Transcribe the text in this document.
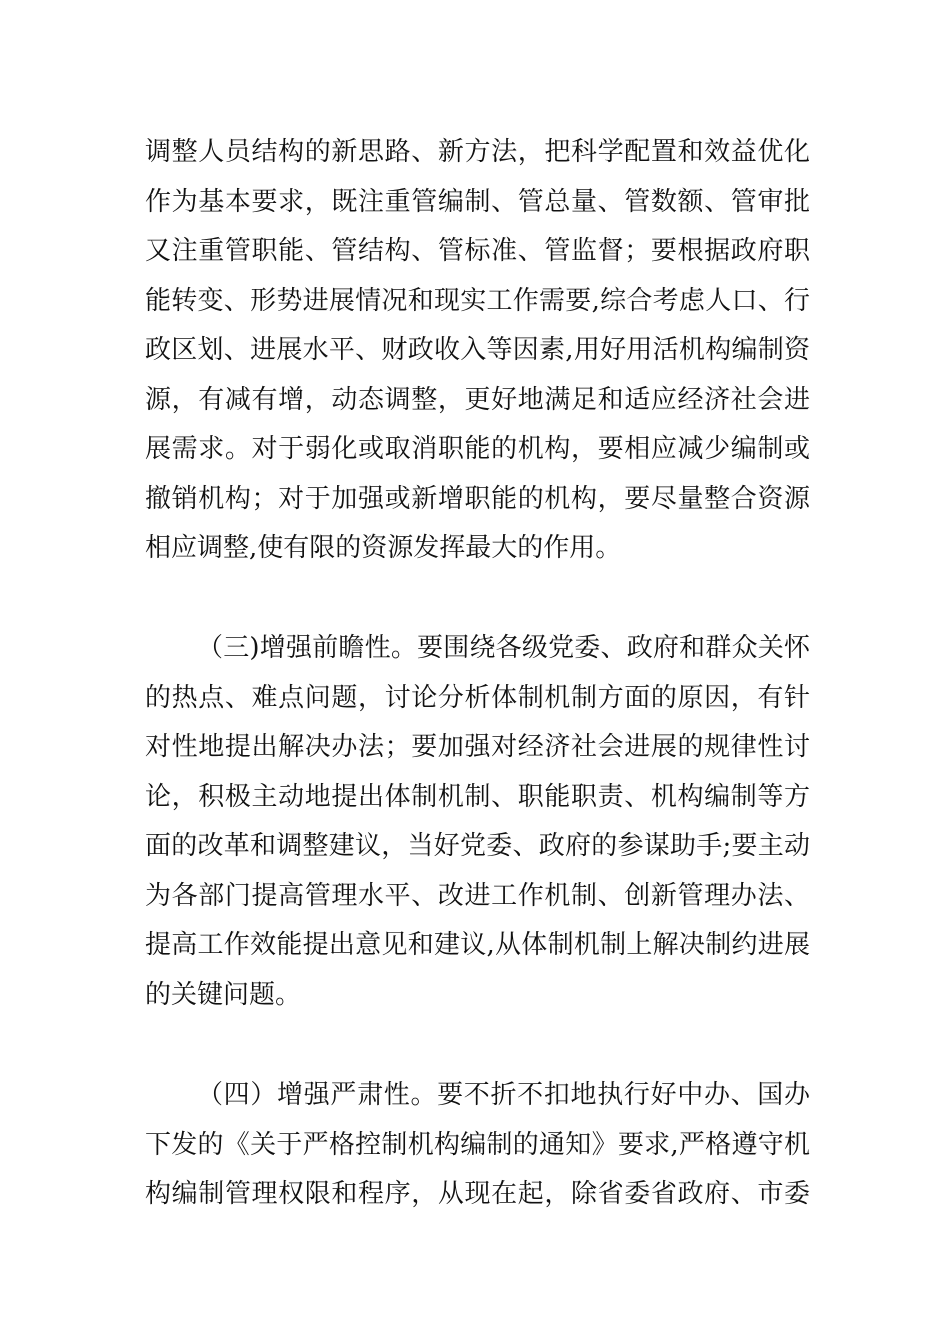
调整人员结构的新思路、新方法，把科学配置和效益优化
作为基本要求，既注重管编制、管总量、管数额、管审批
又注重管职能、管结构、管标准、管监督；要根据政府职
能转变、形势进展情况和现实工作需要,综合考虑人口、行
政区划、进展水平、财政收入等因素,用好用活机构编制资
源，有减有增，动态调整，更好地满足和适应经济社会进
展需求。对于弱化或取消职能的机构，要相应减少编制或
撤销机构；对于加强或新增职能的机构，要尽量整合资源
相应调整,使有限的资源发挥最大的作用。
（三)增强前瞻性。要围绕各级党委、政府和群众关怀
的热点、难点问题，讨论分析体制机制方面的原因，有针
对性地提出解决办法；要加强对经济社会进展的规律性讨
论，积极主动地提出体制机制、职能职责、机构编制等方
面的改革和调整建议，当好党委、政府的参谋助手;要主动
为各部门提高管理水平、改进工作机制、创新管理办法、
提高工作效能提出意见和建议,从体制机制上解决制约进展
的关键问题。
（四）增强严肃性。要不折不扣地执行好中办、国办
下发的《关于严格控制机构编制的通知》要求,严格遵守机
构编制管理权限和程序，从现在起，除省委省政府、市委
